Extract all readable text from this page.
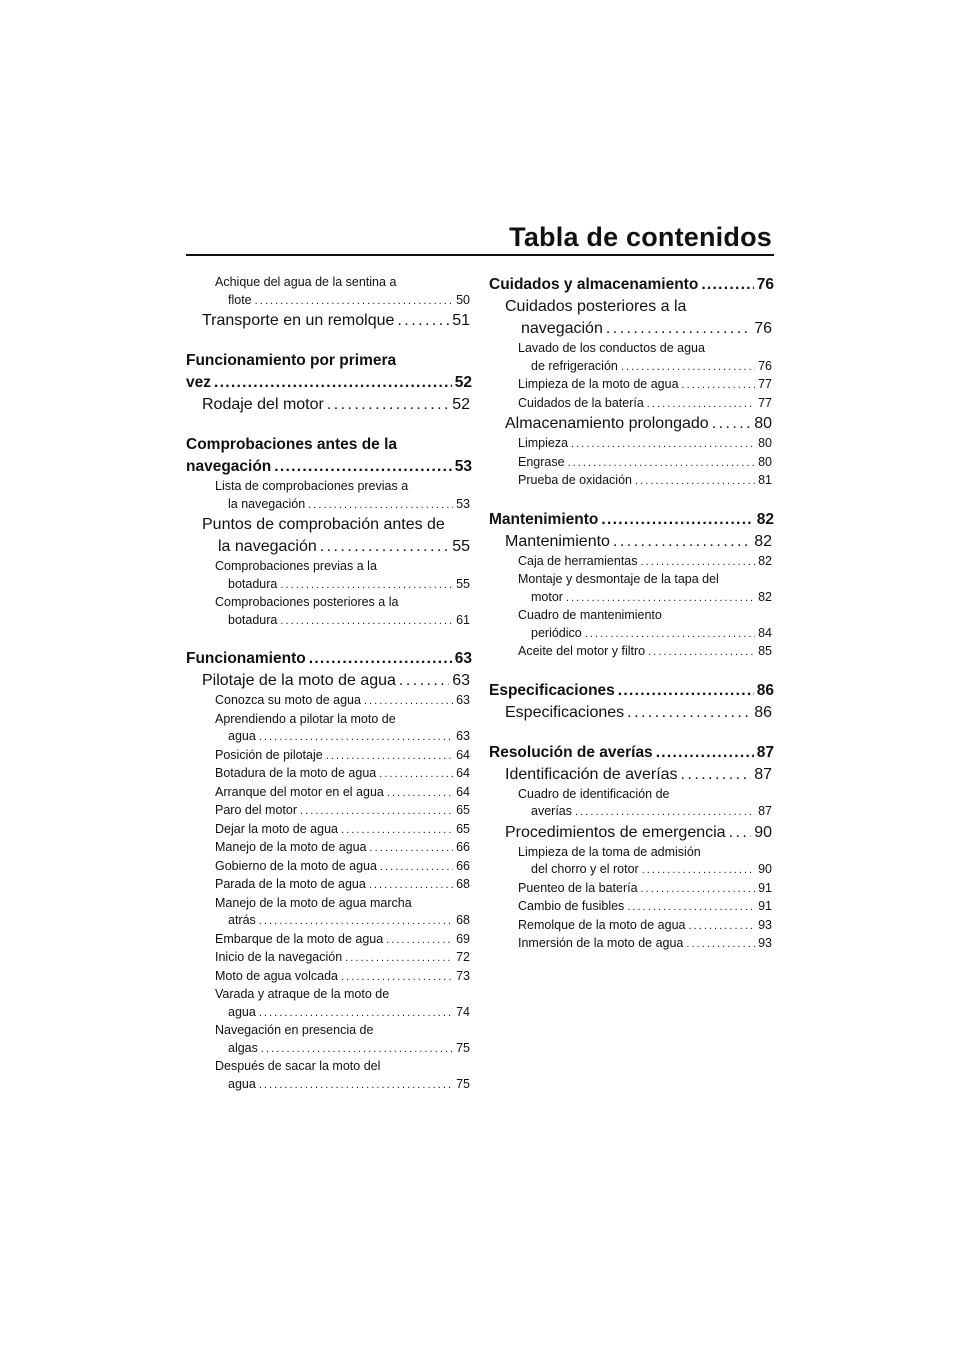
Tabla de contenidos
Achique del agua de la sentina a
flote . . .	50
Transporte en un remolque . . .	51
Funcionamiento por primera
vez . . .	52
Rodaje del motor . . .	52
Comprobaciones antes de la
navegación . . .	53
Lista de comprobaciones previas a
la navegación . . .	53
Puntos de comprobación antes de
la navegación . . .	55
Comprobaciones previas a la
botadura . . .	55
Comprobaciones posteriores a la
botadura . . .	61
Funcionamiento . . .	63
Pilotaje de la moto de agua . . .	63
Conozca su moto de agua . . .	63
Aprendiendo a pilotar la moto de
agua . . .	63
Posición de pilotaje . . .	64
Botadura de la moto de agua . . .	64
Arranque del motor en el agua . . .	64
Paro del motor . . .	65
Dejar la moto de agua . . .	65
Manejo de la moto de agua . . .	66
Gobierno de la moto de agua . . .	66
Parada de la moto de agua . . .	68
Manejo de la moto de agua marcha
atrás . . .	68
Embarque de la moto de agua . . .	69
Inicio de la navegación . . .	72
Moto de agua volcada . . .	73
Varada y atraque de la moto de
agua . . .	74
Navegación en presencia de
algas . . .	75
Después de sacar la moto del
agua . . .	75
Cuidados y almacenamiento . . .	76
Cuidados posteriores a la
navegación . . .	76
Lavado de los conductos de agua
de refrigeración . . .	76
Limpieza de la moto de agua . . .	77
Cuidados de la batería . . .	77
Almacenamiento prolongado . . .	80
Limpieza . . .	80
Engrase . . .	80
Prueba de oxidación . . .	81
Mantenimiento . . .	82
Mantenimiento . . .	82
Caja de herramientas . . .	82
Montaje y desmontaje de la tapa del
motor . . .	82
Cuadro de mantenimiento
periódico . . .	84
Aceite del motor y filtro . . .	85
Especificaciones . . .	86
Especificaciones . . .	86
Resolución de averías . . .	87
Identificación de averías . . .	87
Cuadro de identificación de
averías . . .	87
Procedimientos de emergencia . . . 90
Limpieza de la toma de admisión
del chorro y el rotor . . .	90
Puenteo de la batería . . .	91
Cambio de fusibles . . .	91
Remolque de la moto de agua . . .	93
Inmersión de la moto de agua . . .	93
